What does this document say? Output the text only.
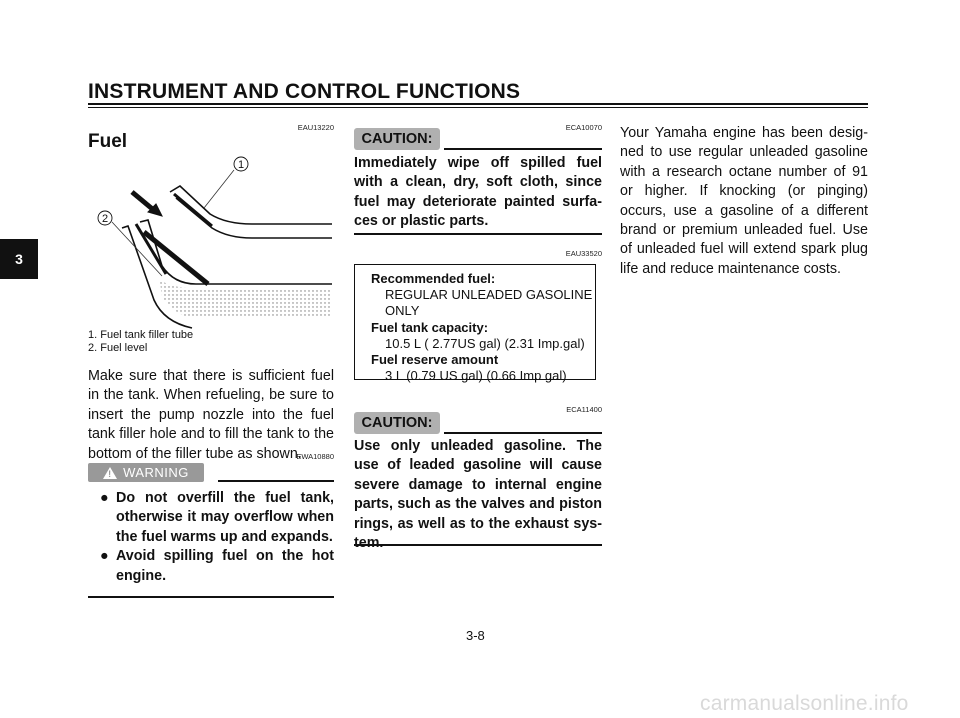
INSTRUMENT AND CONTROL FUNCTIONS
3
EAU13220
Fuel
1
2
1. Fuel tank filler tube
2. Fuel level
Make sure that there is sufficient fuel in the tank. When refueling, be sure to insert the pump nozzle into the fuel tank filler hole and to fill the tank to the bottom of the filler tube as shown.
EWA10880
! WARNING
● Do not overfill the fuel tank, otherwise it may overflow when the fuel warms up and expands.
● Avoid spilling fuel on the hot engine.
ECA10070
CAUTION:
Immediately wipe off spilled fuel with a clean, dry, soft cloth, since fuel may deteriorate painted surfa-ces or plastic parts.
EAU33520
Recommended fuel:
REGULAR UNLEADED GASOLINE
ONLY
Fuel tank capacity:
10.5 L ( 2.77US gal) (2.31 Imp.gal)
Fuel reserve amount
3 L (0.79 US gal) (0.66 Imp gal)
ECA11400
CAUTION:
Use only unleaded gasoline. The use of leaded gasoline will cause severe damage to internal engine parts, such as the valves and piston rings, as well as to the exhaust sys-
Your Yamaha engine has been desig-ned to use regular unleaded gasoline with a research octane number of 91 or higher. If knocking (or pinging) occurs, use a gasoline of a different brand or premium unleaded fuel. Use of unleaded fuel will extend spark plug life and reduce maintenance costs.
3-8
carmanualsonline.info
